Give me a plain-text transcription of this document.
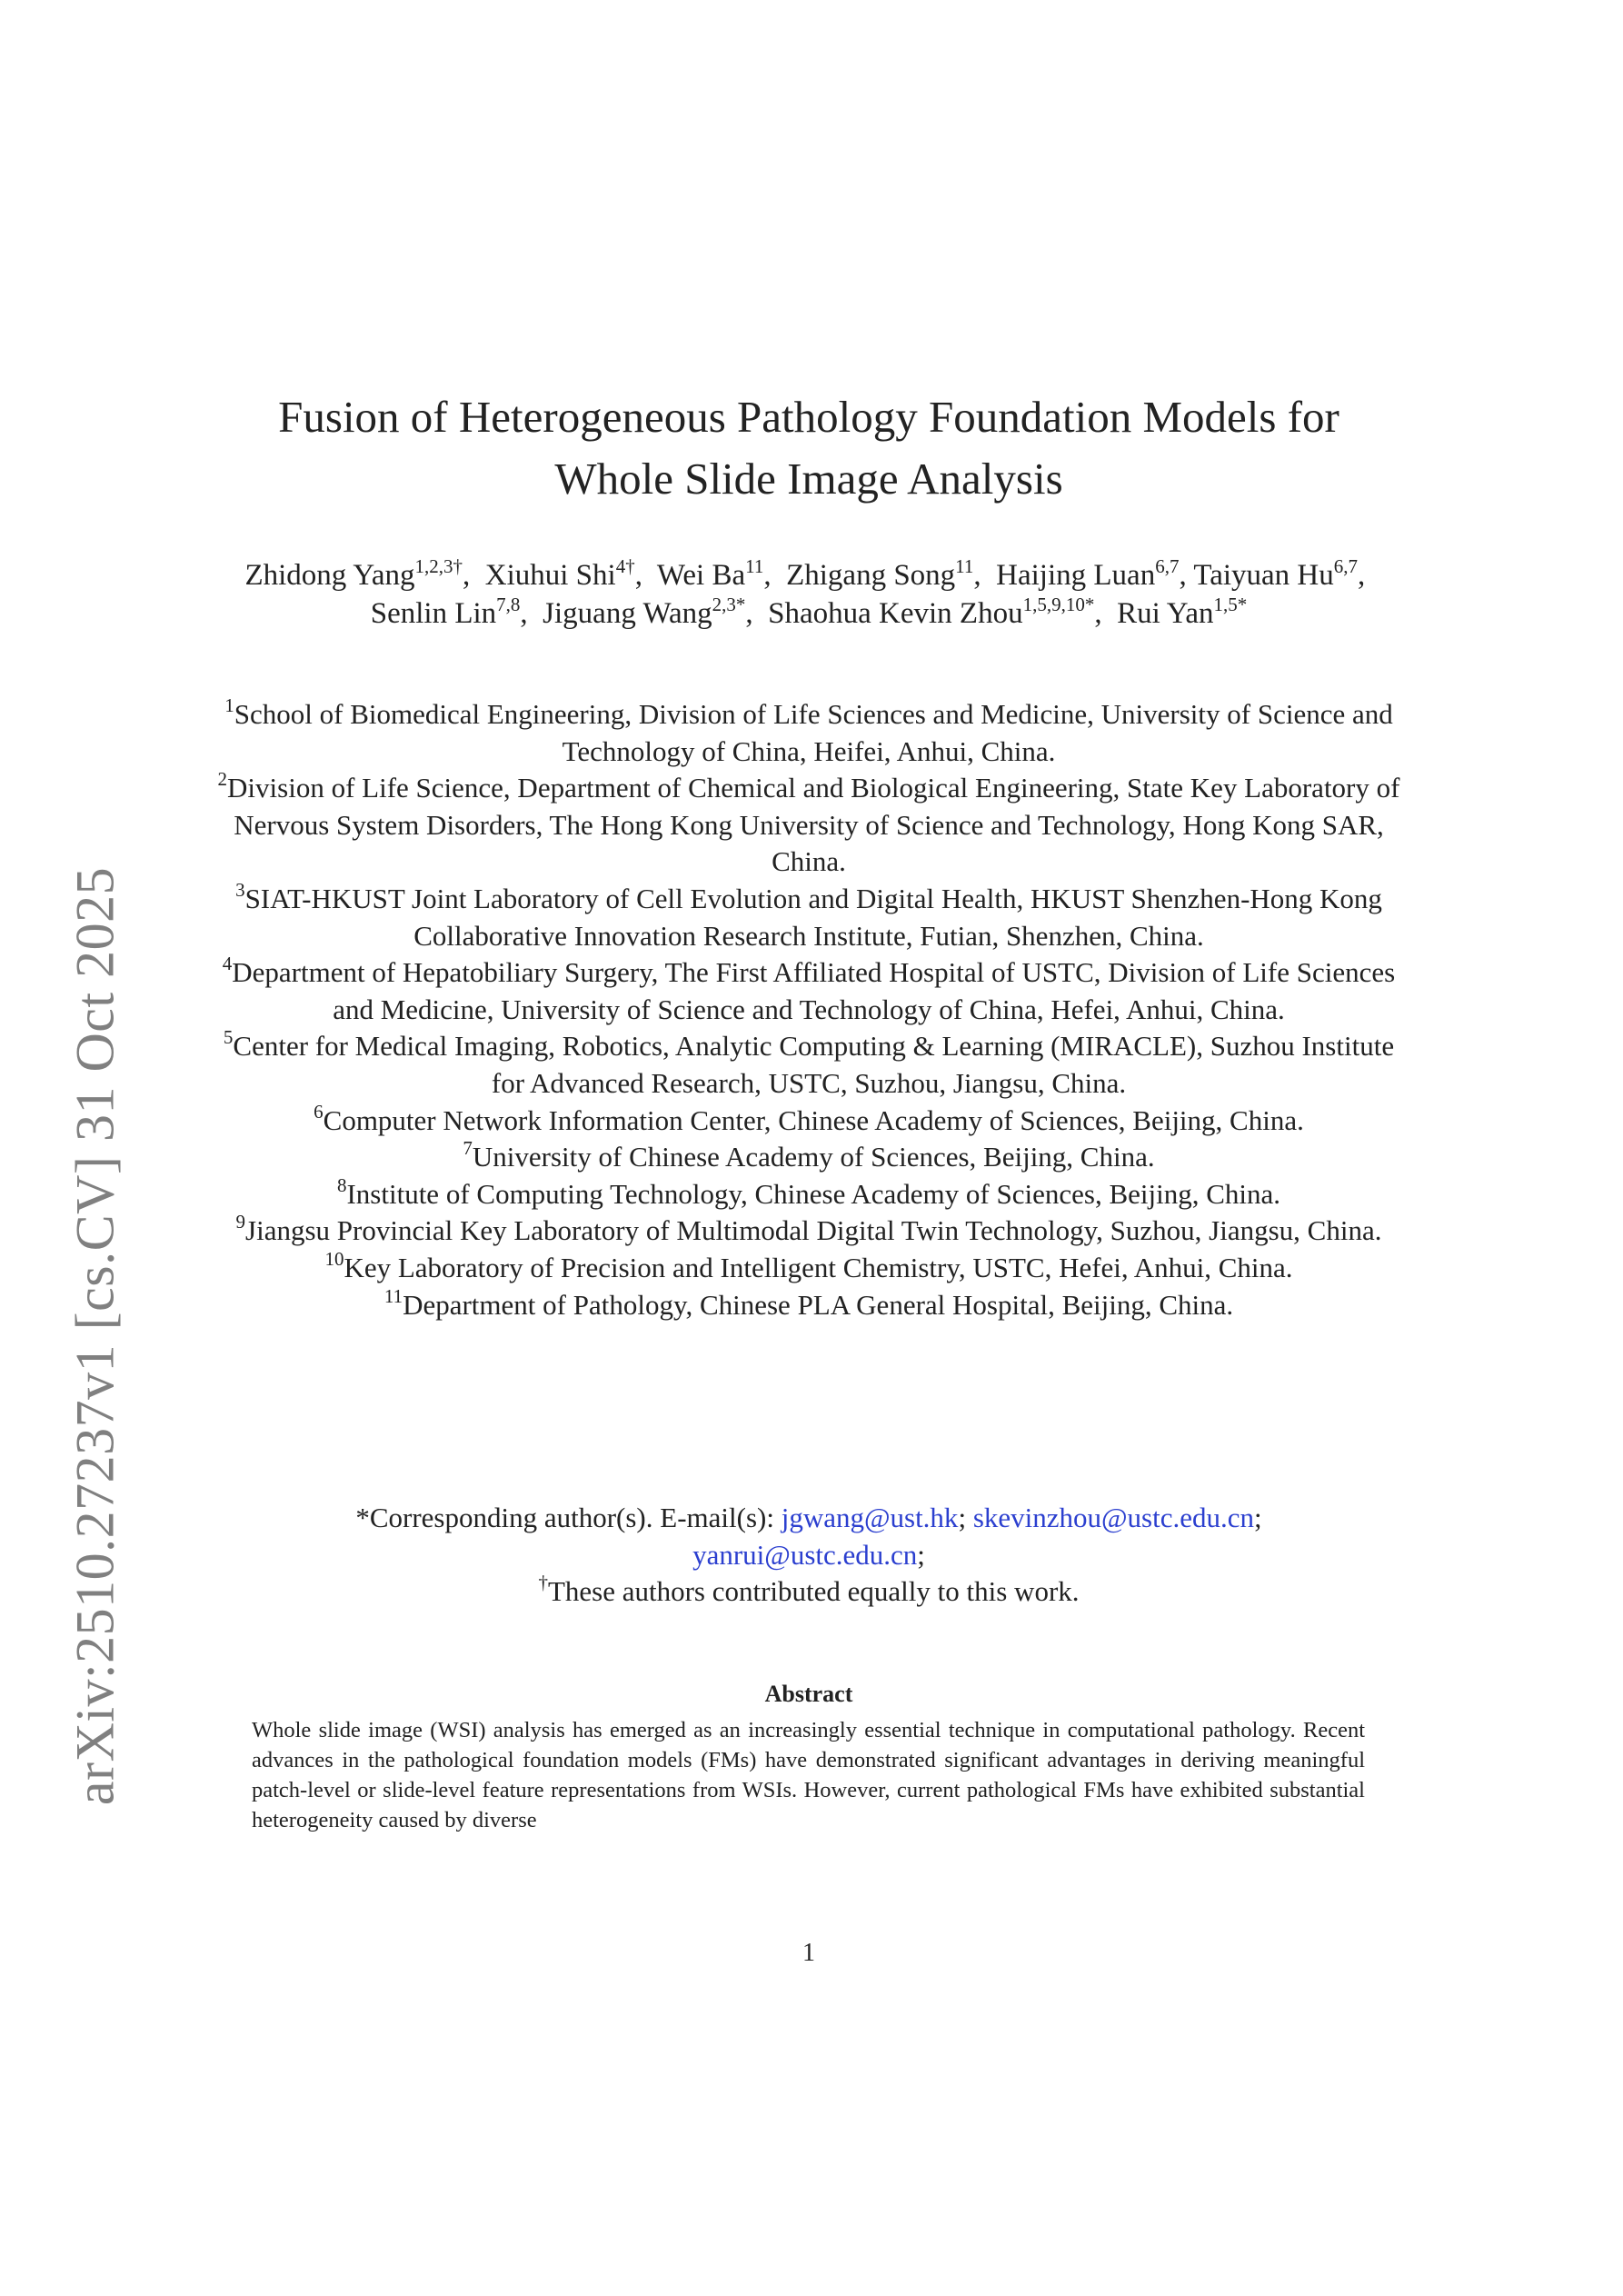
arXiv:2510.27237v1 [cs.CV] 31 Oct 2025
Fusion of Heterogeneous Pathology Foundation Models for
Whole Slide Image Analysis
Zhidong Yang$^{1,2,3\dagger}$, Xiuhui Shi$^{4\dagger}$, Wei Ba$^{11}$, Zhigang Song$^{11}$, Haijing Luan$^{6,7}$, Taiyuan Hu$^{6,7}$,  Senlin Lin$^{7,8}$, Jiguang Wang$^{2,3*}$, Shaohua Kevin Zhou$^{1,5,9,10*}$, Rui Yan$^{1,5*}$
$^1$School of Biomedical Engineering, Division of Life Sciences and Medicine, University of Science and Technology of China, Heifei, Anhui, China.
$^2$Division of Life Science, Department of Chemical and Biological Engineering, State Key Laboratory of Nervous System Disorders, The Hong Kong University of Science and Technology, Hong Kong SAR, China.
$^3$SIAT-HKUST Joint Laboratory of Cell Evolution and Digital Health, HKUST Shenzhen-Hong Kong Collaborative Innovation Research Institute, Futian, Shenzhen, China.
$^4$Department of Hepatobiliary Surgery, The First Affiliated Hospital of USTC, Division of Life Sciences and Medicine, University of Science and Technology of China, Hefei, Anhui, China.
$^5$Center for Medical Imaging, Robotics, Analytic Computing & Learning (MIRACLE), Suzhou Institute for Advanced Research, USTC, Suzhou, Jiangsu, China.
$^6$Computer Network Information Center, Chinese Academy of Sciences, Beijing, China.
$^7$University of Chinese Academy of Sciences, Beijing, China.
$^8$Institute of Computing Technology, Chinese Academy of Sciences, Beijing, China.
$^9$Jiangsu Provincial Key Laboratory of Multimodal Digital Twin Technology, Suzhou, Jiangsu, China.
$^{10}$Key Laboratory of Precision and Intelligent Chemistry, USTC, Hefei, Anhui, China.
$^{11}$Department of Pathology, Chinese PLA General Hospital, Beijing, China.
*Corresponding author(s). E-mail(s): jgwang@ust.hk; skevinzhou@ustc.edu.cn;
yanrui@ustc.edu.cn;
†These authors contributed equally to this work.
Abstract
Whole slide image (WSI) analysis has emerged as an increasingly essential technique in computational pathology. Recent advances in the pathological foundation models (FMs) have demonstrated significant advantages in deriving meaningful patch-level or slide-level feature representations from WSIs. However, current pathological FMs have exhibited substantial heterogeneity caused by diverse
1
